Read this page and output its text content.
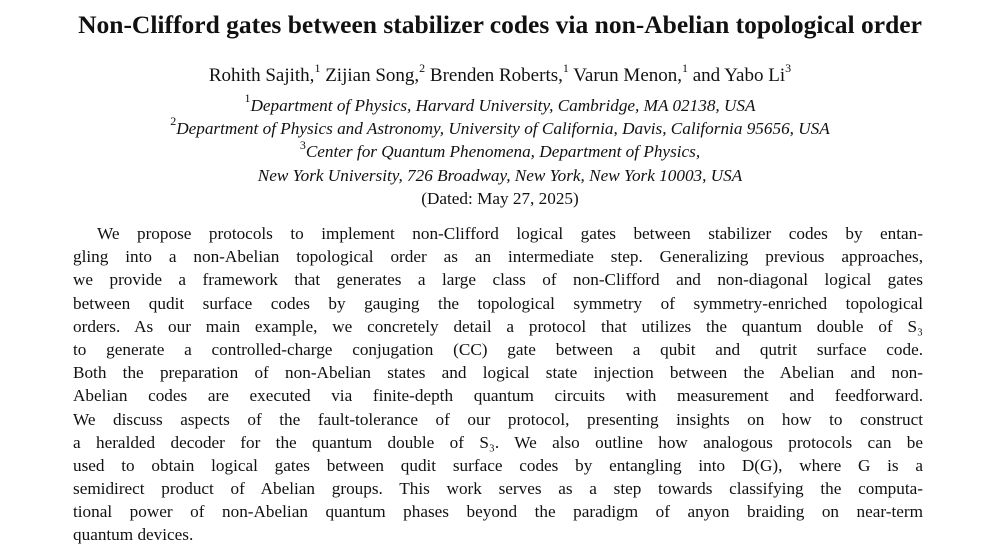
Non-Clifford gates between stabilizer codes via non-Abelian topological order
Rohith Sajith,$^1$ Zijian Song,$^2$ Brenden Roberts,$^1$ Varun Menon,$^1$ and Yabo Li$^3$
$^1$Department of Physics, Harvard University, Cambridge, MA 02138, USA
$^2$Department of Physics and Astronomy, University of California, Davis, California 95656, USA
$^3$Center for Quantum Phenomena, Department of Physics,
New York University, 726 Broadway, New York, New York 10003, USA
(Dated: May 27, 2025)
We propose protocols to implement non-Clifford logical gates between stabilizer codes by entan-
gling into a non-Abelian topological order as an intermediate step. Generalizing previous approaches,
we provide a framework that generates a large class of non-Clifford and non-diagonal logical gates
between qudit surface codes by gauging the topological symmetry of symmetry-enriched topological
orders. As our main example, we concretely detail a protocol that utilizes the quantum double of S₃
to generate a controlled-charge conjugation (CC) gate between a qubit and qutrit surface code.
Both the preparation of non-Abelian states and logical state injection between the Abelian and non-
Abelian codes are executed via finite-depth quantum circuits with measurement and feedforward.
We discuss aspects of the fault-tolerance of our protocol, presenting insights on how to construct
a heralded decoder for the quantum double of S₃. We also outline how analogous protocols can be
used to obtain logical gates between qudit surface codes by entangling into D(G), where G is a
semidirect product of Abelian groups. This work serves as a step towards classifying the computa-
tional power of non-Abelian quantum phases beyond the paradigm of anyon braiding on near-term
quantum devices.
